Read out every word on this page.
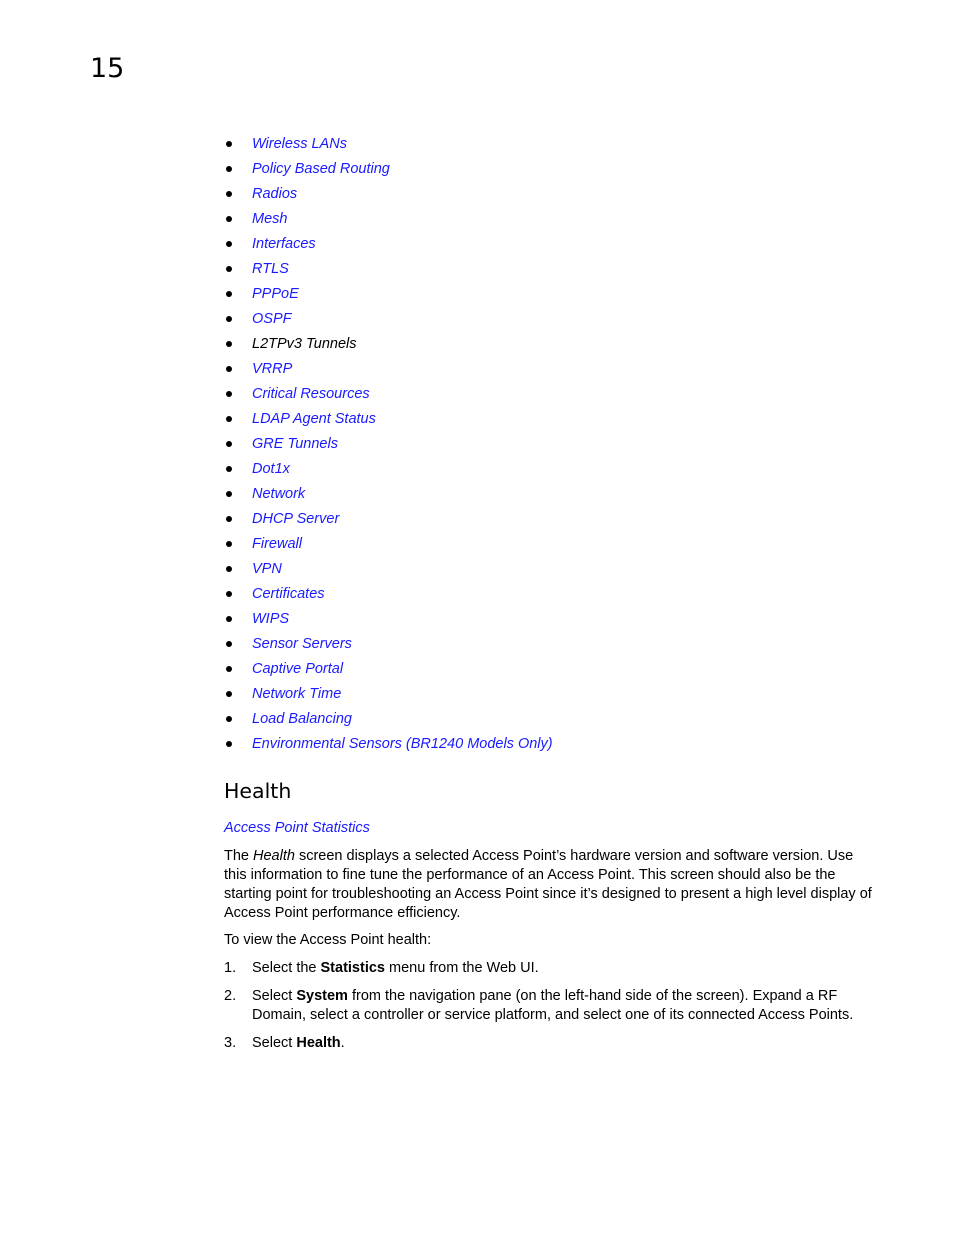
15
Wireless LANs
Policy Based Routing
Radios
Mesh
Interfaces
RTLS
PPPoE
OSPF
L2TPv3 Tunnels
VRRP
Critical Resources
LDAP Agent Status
GRE Tunnels
Dot1x
Network
DHCP Server
Firewall
VPN
Certificates
WIPS
Sensor Servers
Captive Portal
Network Time
Load Balancing
Environmental Sensors (BR1240 Models Only)
Health
Access Point Statistics

The Health screen displays a selected Access Point’s hardware version and software version. Use this information to fine tune the performance of an Access Point. This screen should also be the starting point for troubleshooting an Access Point since it’s designed to present a high level display of Access Point performance efficiency.

To view the Access Point health:

1. Select the Statistics menu from the Web UI.
2. Select System from the navigation pane (on the left-hand side of the screen). Expand a RF Domain, select a controller or service platform, and select one of its connected Access Points.
3. Select Health.
